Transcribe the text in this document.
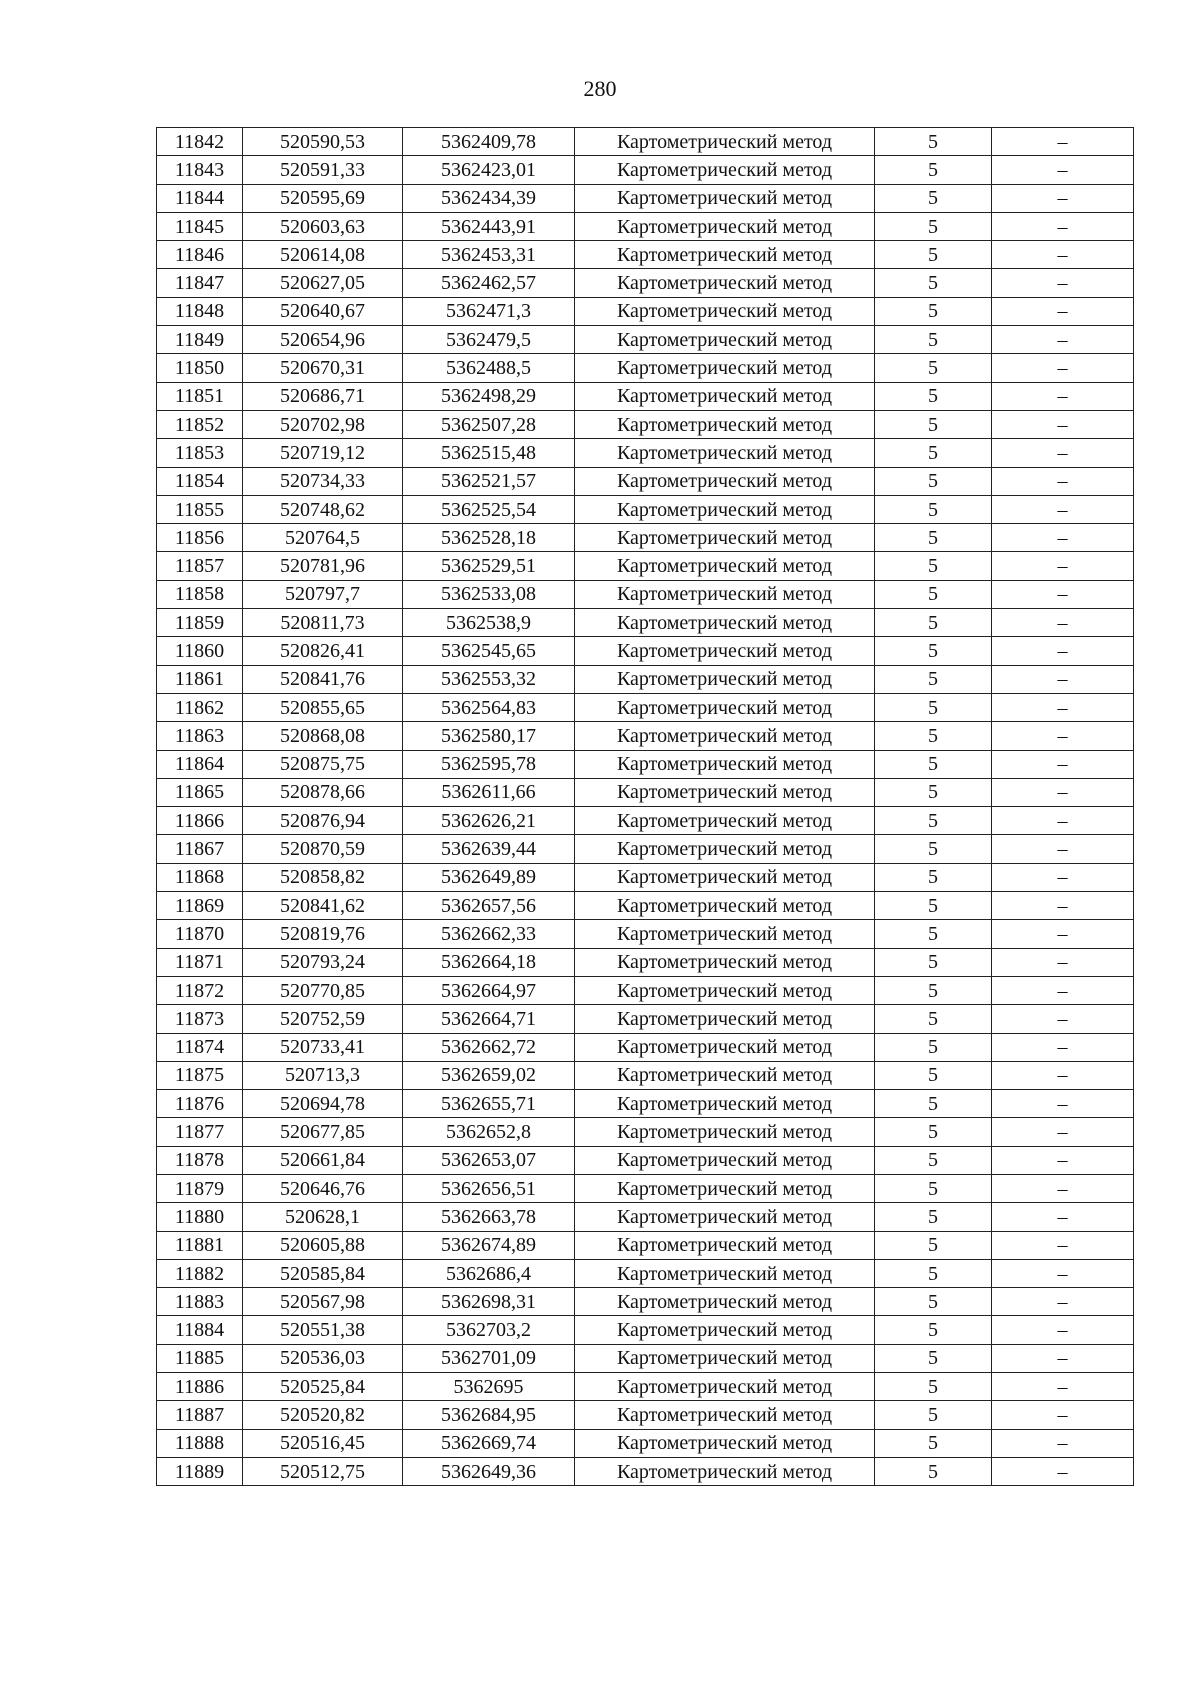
280
11842	520590,53	5362409,78	Картометрический метод	5	–
11843	520591,33	5362423,01	Картометрический метод	5	–
11844	520595,69	5362434,39	Картометрический метод	5	–
11845	520603,63	5362443,91	Картометрический метод	5	–
11846	520614,08	5362453,31	Картометрический метод	5	–
11847	520627,05	5362462,57	Картометрический метод	5	–
11848	520640,67	5362471,3	Картометрический метод	5	–
11849	520654,96	5362479,5	Картометрический метод	5	–
11850	520670,31	5362488,5	Картометрический метод	5	–
11851	520686,71	5362498,29	Картометрический метод	5	–
11852	520702,98	5362507,28	Картометрический метод	5	–
11853	520719,12	5362515,48	Картометрический метод	5	–
11854	520734,33	5362521,57	Картометрический метод	5	–
11855	520748,62	5362525,54	Картометрический метод	5	–
11856	520764,5	5362528,18	Картометрический метод	5	–
11857	520781,96	5362529,51	Картометрический метод	5	–
11858	520797,7	5362533,08	Картометрический метод	5	–
11859	520811,73	5362538,9	Картометрический метод	5	–
11860	520826,41	5362545,65	Картометрический метод	5	–
11861	520841,76	5362553,32	Картометрический метод	5	–
11862	520855,65	5362564,83	Картометрический метод	5	–
11863	520868,08	5362580,17	Картометрический метод	5	–
11864	520875,75	5362595,78	Картометрический метод	5	–
11865	520878,66	5362611,66	Картометрический метод	5	–
11866	520876,94	5362626,21	Картометрический метод	5	–
11867	520870,59	5362639,44	Картометрический метод	5	–
11868	520858,82	5362649,89	Картометрический метод	5	–
11869	520841,62	5362657,56	Картометрический метод	5	–
11870	520819,76	5362662,33	Картометрический метод	5	–
11871	520793,24	5362664,18	Картометрический метод	5	–
11872	520770,85	5362664,97	Картометрический метод	5	–
11873	520752,59	5362664,71	Картометрический метод	5	–
11874	520733,41	5362662,72	Картометрический метод	5	–
11875	520713,3	5362659,02	Картометрический метод	5	–
11876	520694,78	5362655,71	Картометрический метод	5	–
11877	520677,85	5362652,8	Картометрический метод	5	–
11878	520661,84	5362653,07	Картометрический метод	5	–
11879	520646,76	5362656,51	Картометрический метод	5	–
11880	520628,1	5362663,78	Картометрический метод	5	–
11881	520605,88	5362674,89	Картометрический метод	5	–
11882	520585,84	5362686,4	Картометрический метод	5	–
11883	520567,98	5362698,31	Картометрический метод	5	–
11884	520551,38	5362703,2	Картометрический метод	5	–
11885	520536,03	5362701,09	Картометрический метод	5	–
11886	520525,84	5362695	Картометрический метод	5	–
11887	520520,82	5362684,95	Картометрический метод	5	–
11888	520516,45	5362669,74	Картометрический метод	5	–
11889	520512,75	5362649,36	Картометрический метод	5	–
